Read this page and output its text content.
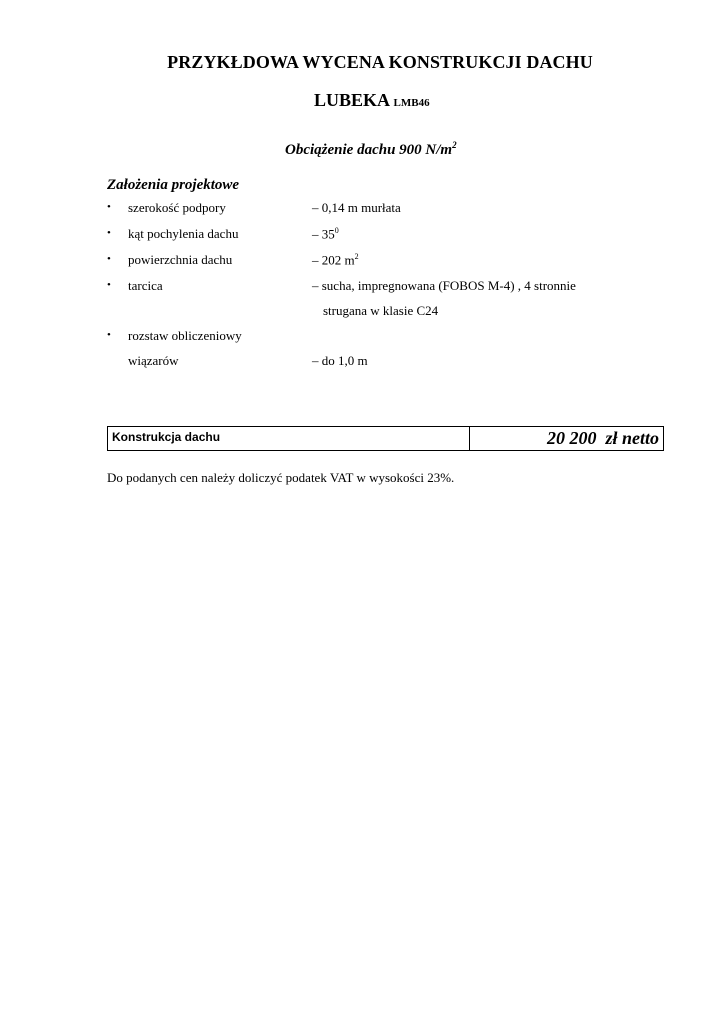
PRZYKŁDOWA WYCENA KONSTRUKCJI DACHU
LUBEKA LMB46
Obciążenie dachu 900 $N/m^2$
Założenia projektowe
• szerokość podpory	– 0,14 m murłata
• kąt pochylenia dachu	– $35^0$
• powierzchnia dachu	– 202 $m^2$
• tarcica	– sucha, impregnowana (FOBOS M-4) , 4 stronnie
strugana w klasie C24
• rozstaw obliczeniowy
wiązarów	– do 1,0 m
Konstrukcja dachu	20 200  zł netto
Do podanych cen należy doliczyć podatek VAT w wysokości 23%.
